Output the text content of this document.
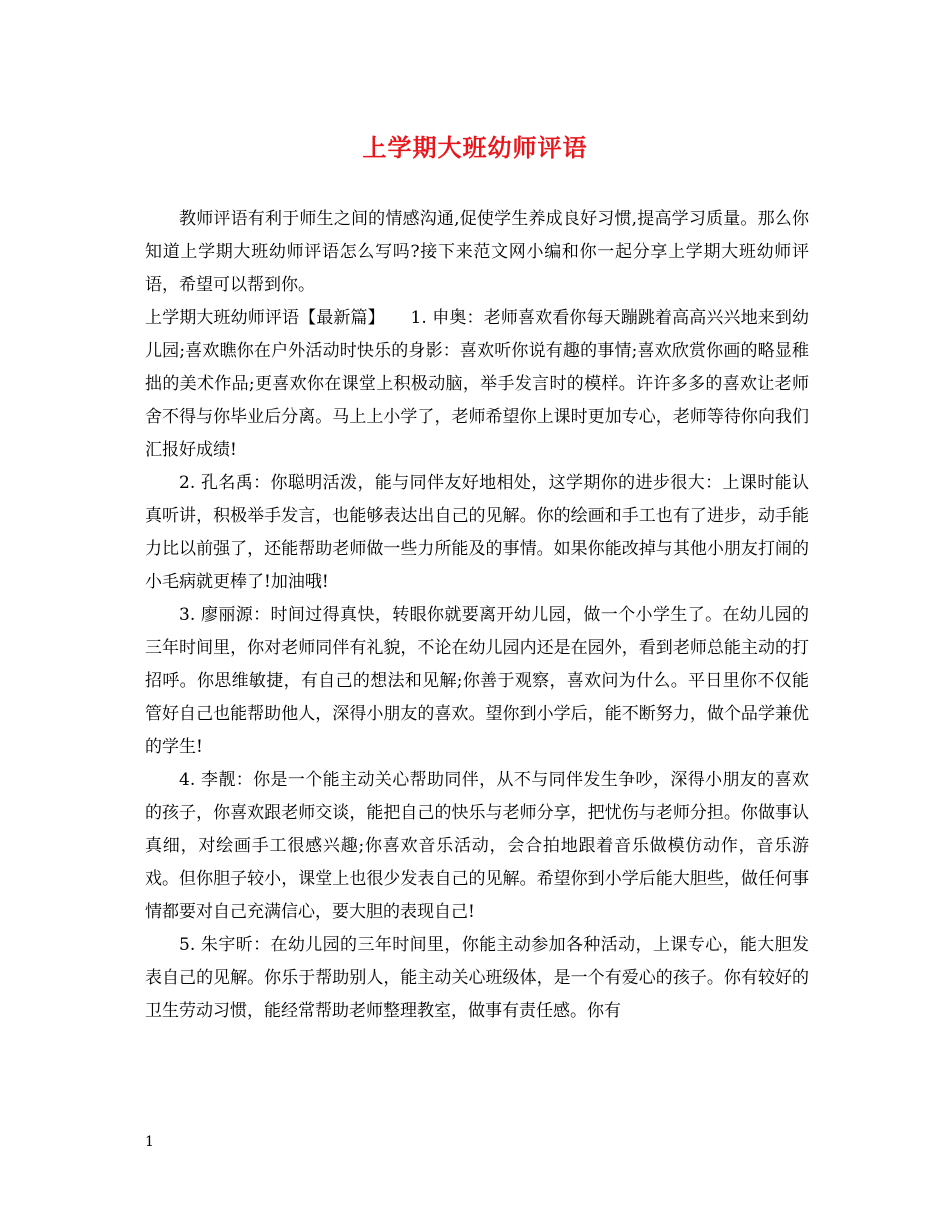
上学期大班幼师评语

教师评语有利于师生之间的情感沟通,促使学生养成良好习惯,提高学习质量。那么你知道上学期大班幼师评语怎么写吗?接下来范文网小编和你一起分享上学期大班幼师评语，希望可以帮到你。

上学期大班幼师评语【最新篇】　　1. 申奥：老师喜欢看你每天蹦跳着高高兴兴地来到幼儿园;喜欢瞧你在户外活动时快乐的身影：喜欢听你说有趣的事情;喜欢欣赏你画的略显稚拙的美术作品;更喜欢你在课堂上积极动脑，举手发言时的模样。许许多多的喜欢让老师舍不得与你毕业后分离。马上上小学了，老师希望你上课时更加专心，老师等待你向我们汇报好成绩!

2. 孔名禹：你聪明活泼，能与同伴友好地相处，这学期你的进步很大：上课时能认真听讲，积极举手发言，也能够表达出自己的见解。你的绘画和手工也有了进步，动手能力比以前强了，还能帮助老师做一些力所能及的事情。如果你能改掉与其他小朋友打闹的小毛病就更棒了!加油哦!

3. 廖丽源：时间过得真快，转眼你就要离开幼儿园，做一个小学生了。在幼儿园的三年时间里，你对老师同伴有礼貌，不论在幼儿园内还是在园外，看到老师总能主动的打招呼。你思维敏捷，有自己的想法和见解;你善于观察，喜欢问为什么。平日里你不仅能管好自己也能帮助他人，深得小朋友的喜欢。望你到小学后，能不断努力，做个品学兼优的学生!

4. 李靓：你是一个能主动关心帮助同伴，从不与同伴发生争吵，深得小朋友的喜欢的孩子，你喜欢跟老师交谈，能把自己的快乐与老师分享，把忧伤与老师分担。你做事认真细，对绘画手工很感兴趣;你喜欢音乐活动，会合拍地跟着音乐做模仿动作，音乐游戏。但你胆子较小，课堂上也很少发表自己的见解。希望你到小学后能大胆些，做任何事情都要对自己充满信心，要大胆的表现自己!

5. 朱宇昕：在幼儿园的三年时间里，你能主动参加各种活动，上课专心，能大胆发表自己的见解。你乐于帮助别人，能主动关心班级体，是一个有爱心的孩子。你有较好的卫生劳动习惯，能经常帮助老师整理教室，做事有责任感。你有

1
